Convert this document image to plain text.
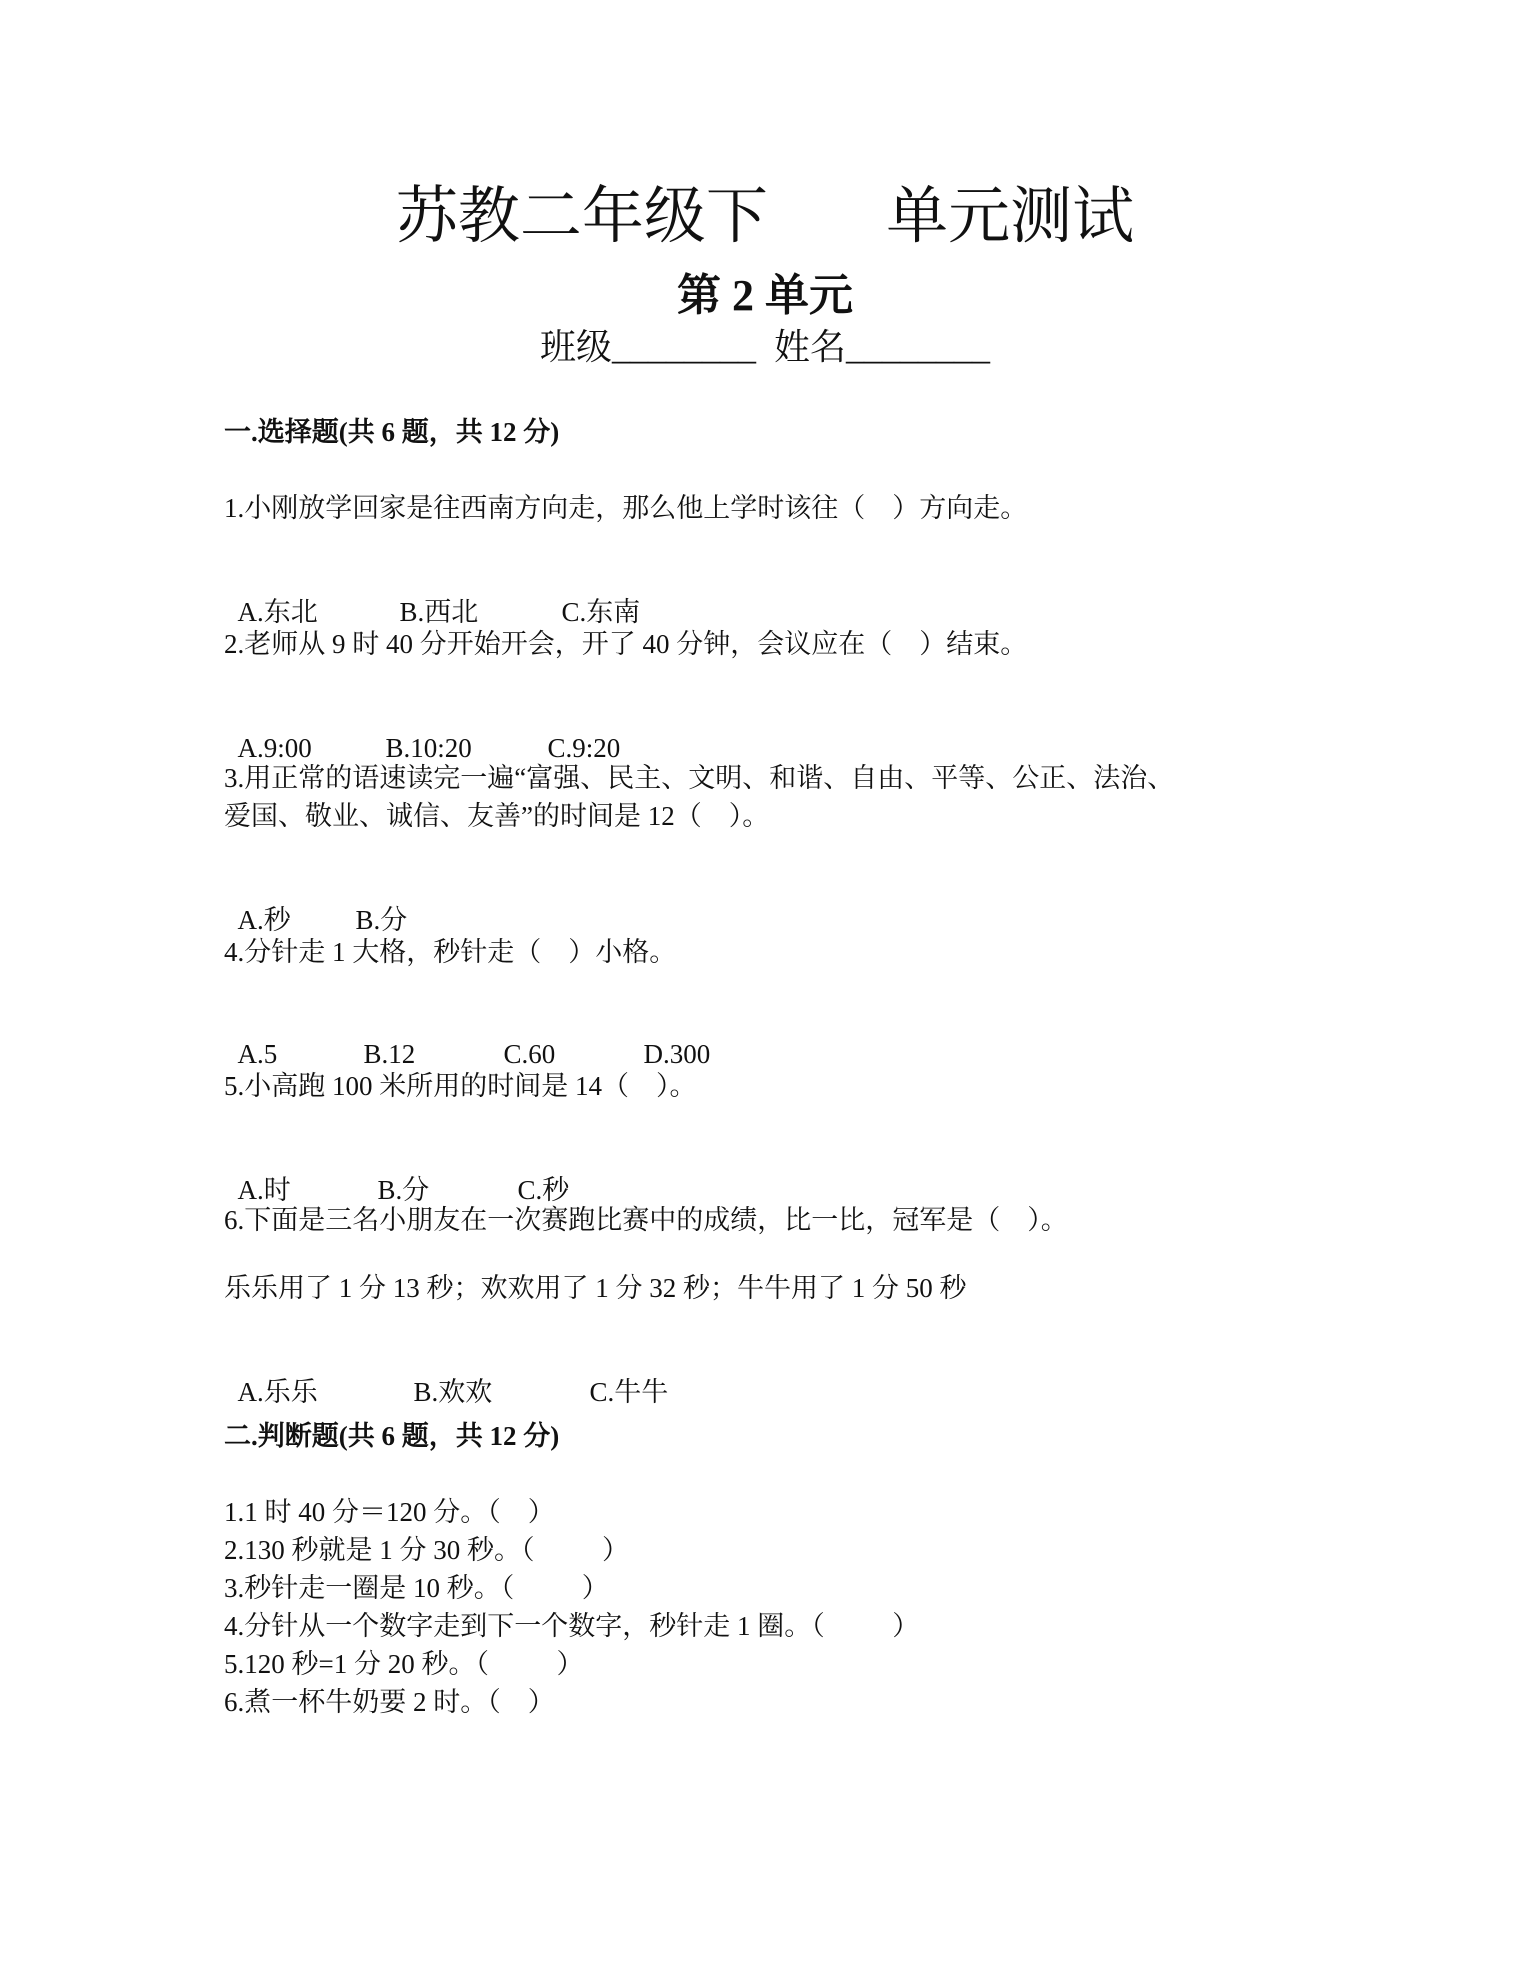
苏教二年级下      单元测试
第 2 单元
班级________  姓名________
一.选择题(共 6 题，共 12 分)
1.小刚放学回家是往西南方向走，那么他上学时该往（    ）方向走。

A.东北	B.西北	C.东南

2.老师从 9 时 40 分开始开会，开了 40 分钟，会议应在（    ）结束。

A.9:00	B.10:20	C.9:20

3.用正常的语速读完一遍“富强、民主、文明、和谐、自由、平等、公正、法治、
爱国、敬业、诚信、友善”的时间是 12（    ）。

A.秒 B.分

4.分针走 1 大格，秒针走（    ）小格。

A.5	B.12	C.60	D.300

5.小高跑 100 米所用的时间是 14（    ）。

A.时	B.分	C.秒

6.下面是三名小朋友在一次赛跑比赛中的成绩，比一比，冠军是（    ）。
乐乐用了 1 分 13 秒；欢欢用了 1 分 32 秒；牛牛用了 1 分 50 秒

A.乐乐	B.欢欢	C.牛牛

二.判断题(共 6 题，共 12 分)
1.1 时 40 分＝120 分。（    ）
2.130 秒就是 1 分 30 秒。（          ）
3.秒针走一圈是 10 秒。（          ）
4.分针从一个数字走到下一个数字，秒针走 1 圈。（          ）
5.120 秒=1 分 20 秒。（          ）
6.煮一杯牛奶要 2 时。（    ）
